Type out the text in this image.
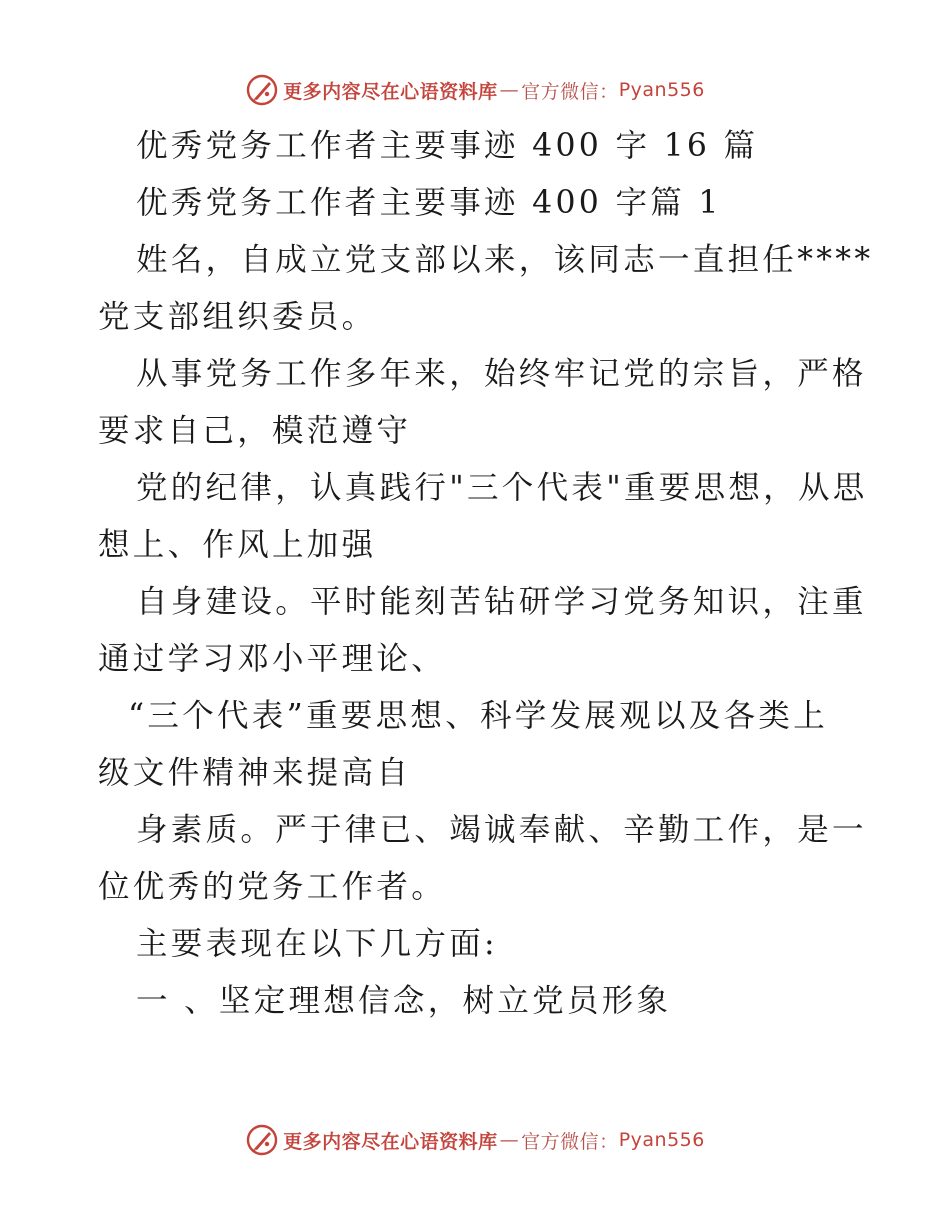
更多内容尽在心语资料库 — 官方微信： Pyan556
优秀党务工作者主要事迹 400 字 16 篇
优秀党务工作者主要事迹 400 字篇 1
姓名，自成立党支部以来，该同志一直担任****
党支部组织委员。
从事党务工作多年来，始终牢记党的宗旨，严格
要求自己，模范遵守
党的纪律，认真践行"三个代表"重要思想，从思
想上、作风上加强
自身建设。平时能刻苦钻研学习党务知识，注重
通过学习邓小平理论、
“三个代表”重要思想、科学发展观以及各类上
级文件精神来提高自
身素质。严于律已、竭诚奉献、辛勤工作，是一
位优秀的党务工作者。
主要表现在以下几方面:
一 、坚定理想信念，树立党员形象
更多内容尽在心语资料库 — 官方微信： Pyan556
